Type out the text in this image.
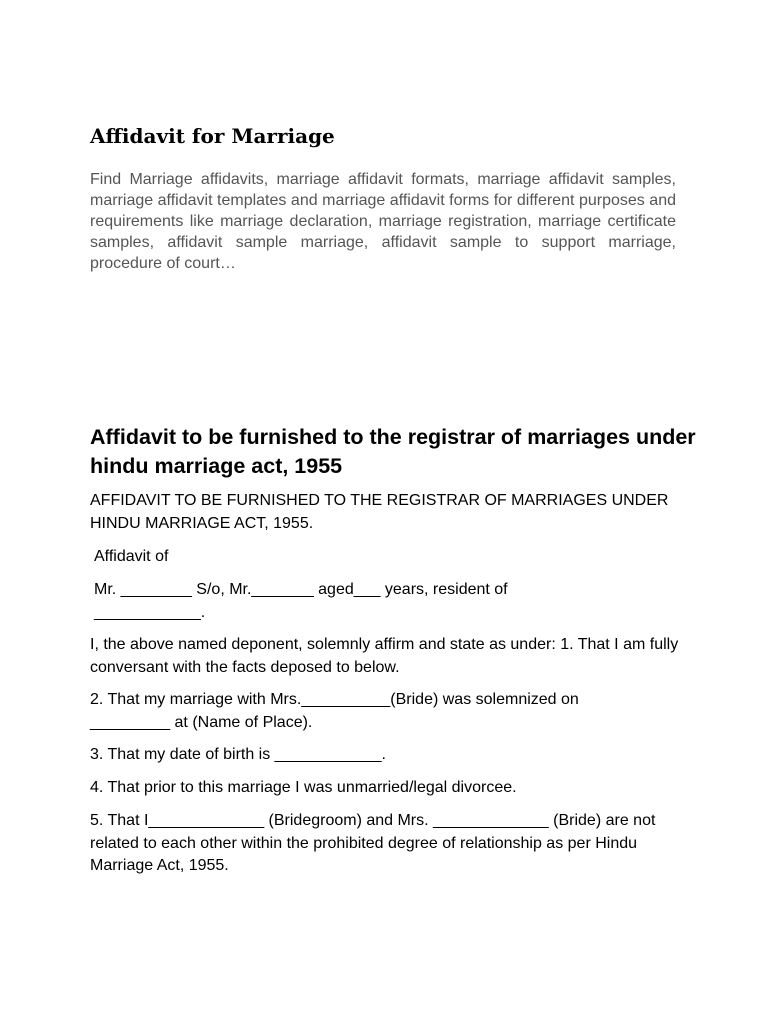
Affidavit for Marriage

Find Marriage affidavits, marriage affidavit formats, marriage affidavit samples, marriage affidavit templates and marriage affidavit forms for different purposes and requirements like marriage declaration, marriage registration, marriage certificate samples, affidavit sample marriage, affidavit sample to support marriage, procedure of court…

Affidavit to be furnished to the registrar of marriages under hindu marriage act, 1955

AFFIDAVIT TO BE FURNISHED TO THE REGISTRAR OF MARRIAGES UNDER HINDU MARRIAGE ACT, 1955.

Affidavit of

Mr. ________ S/o, Mr._______ aged___ years, resident of ____________.

I, the above named deponent, solemnly affirm and state as under: 1. That I am fully conversant with the facts deposed to below.

2. That my marriage with Mrs.__________(Bride) was solemnized on _________ at (Name of Place).

3. That my date of birth is ____________.

4. That prior to this marriage I was unmarried/legal divorcee.

5. That I_____________ (Bridegroom) and Mrs. _____________ (Bride) are not related to each other within the prohibited degree of relationship as per Hindu Marriage Act, 1955.
